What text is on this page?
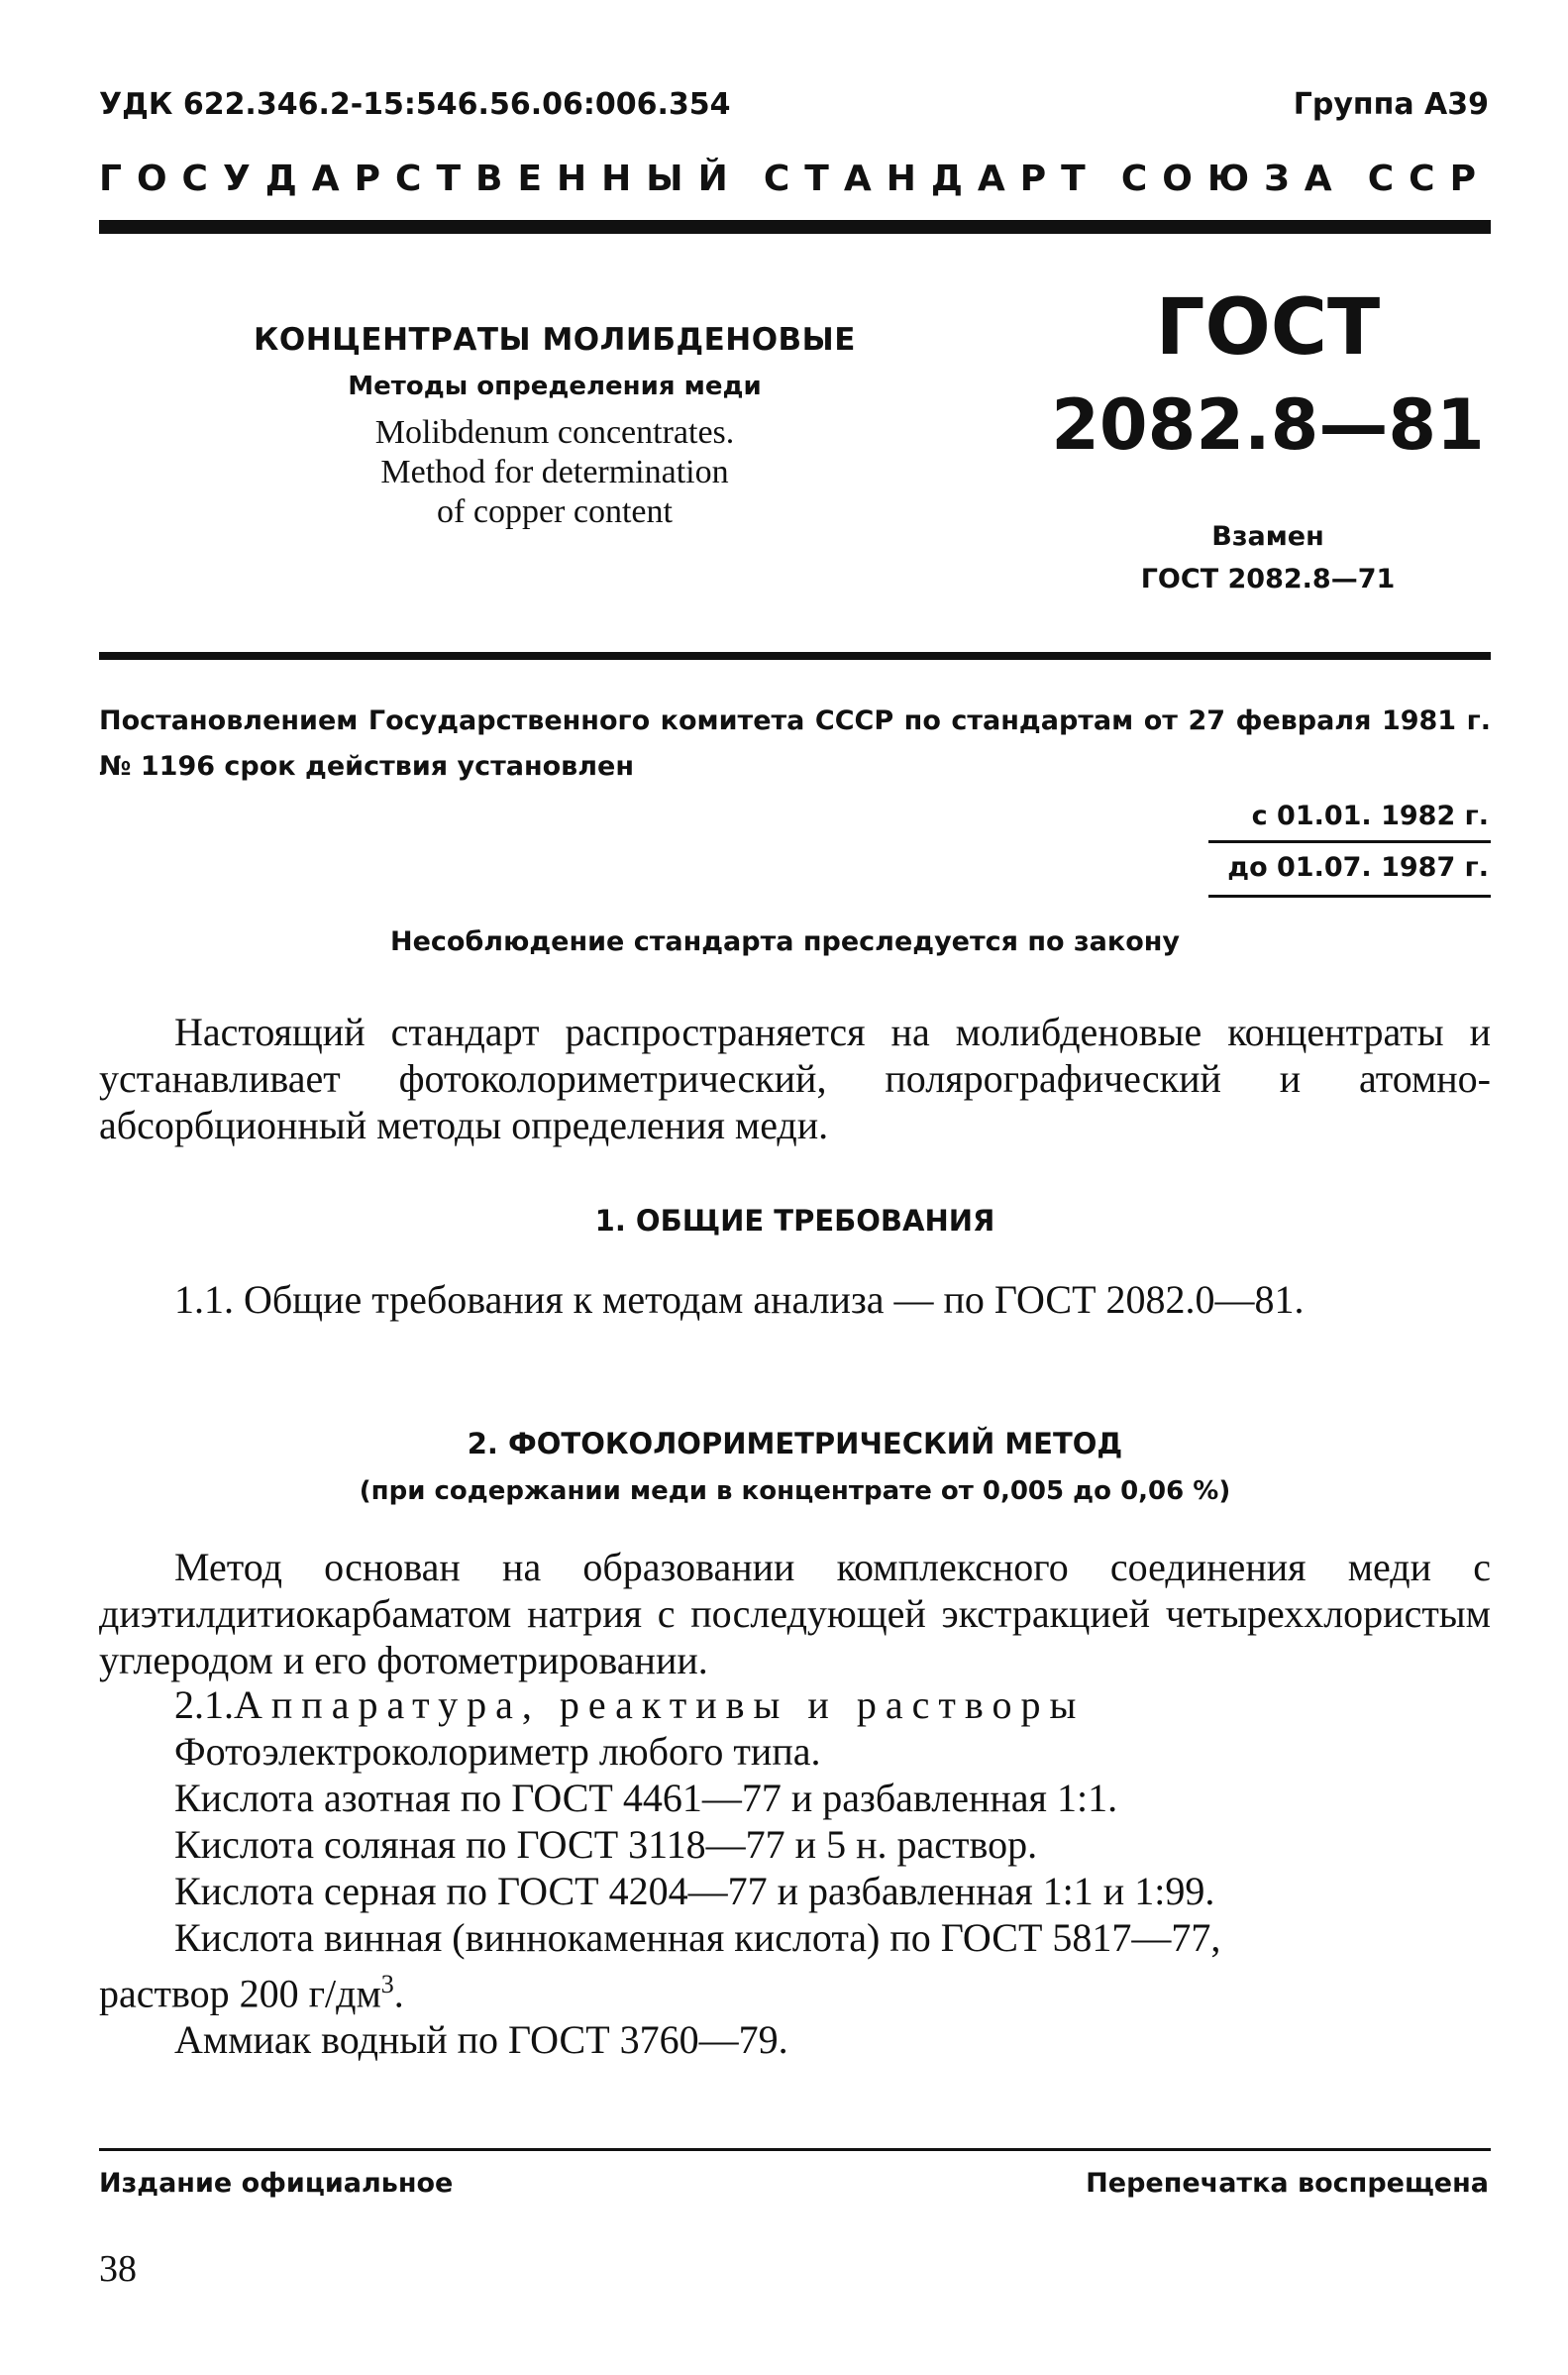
УДК 622.346.2-15:546.56.06:006.354	Группа А39
ГОСУДАРСТВЕННЫЙ СТАНДАРТ СОЮЗА ССР
КОНЦЕНТРАТЫ МОЛИБДЕНОВЫЕ
Методы определения меди
Molibdenum concentrates.
Method for determination
of copper content
ГОСТ
2082.8—81
Взамен
ГОСТ 2082.8—71
Постановлением Государственного комитета СССР по стандартам от 27 февраля 1981 г. № 1196 срок действия установлен
с 01.01. 1982 г.
до 01.07. 1987 г.
Несоблюдение стандарта преследуется по закону
Настоящий стандарт распространяется на молибденовые концентраты и устанавливает фотоколориметрический, полярографический и атомно-абсорбционный методы определения меди.
1. ОБЩИЕ ТРЕБОВАНИЯ
1.1. Общие требования к методам анализа — по ГОСТ 2082.0—81.
2. ФОТОКОЛОРИМЕТРИЧЕСКИЙ МЕТОД
(при содержании меди в концентрате от 0,005 до 0,06 %)
Метод основан на образовании комплексного соединения меди с диэтилдитиокарбаматом натрия с последующей экстракцией четыреххлористым углеродом и его фотометрировании.
2.1.Аппаратура, реактивы и растворы
Фотоэлектроколориметр любого типа.
Кислота азотная по ГОСТ 4461—77 и разбавленная 1:1.
Кислота соляная по ГОСТ 3118—77 и 5 н. раствор.
Кислота серная по ГОСТ 4204—77 и разбавленная 1:1 и 1:99.
Кислота винная (виннокаменная кислота) по ГОСТ 5817—77,
раствор 200 $г/дм^3$.
Аммиак водный по ГОСТ 3760—79.
Издание официальное	Перепечатка воспрещена
38
